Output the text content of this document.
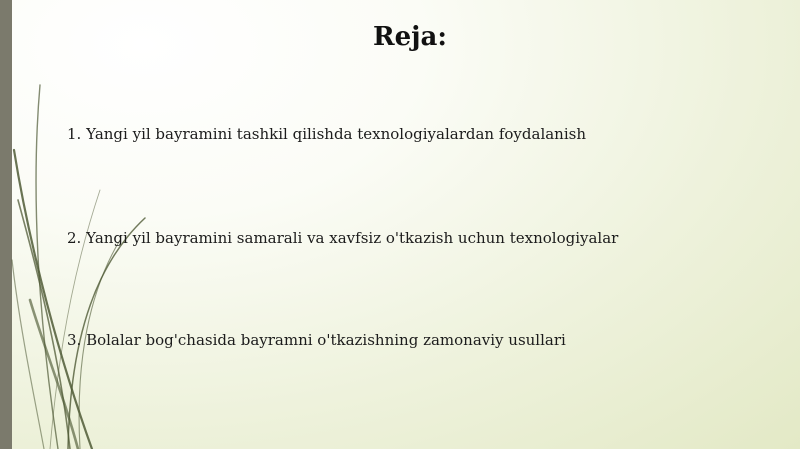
Reja:
1. Yangi yil bayramini tashkil qilishda texnologiyalardan foydalanish
2. Yangi yil bayramini samarali va xavfsiz o'tkazish uchun texnologiyalar
3. Bolalar bog'chasida bayramni o'tkazishning zamonaviy usullari
